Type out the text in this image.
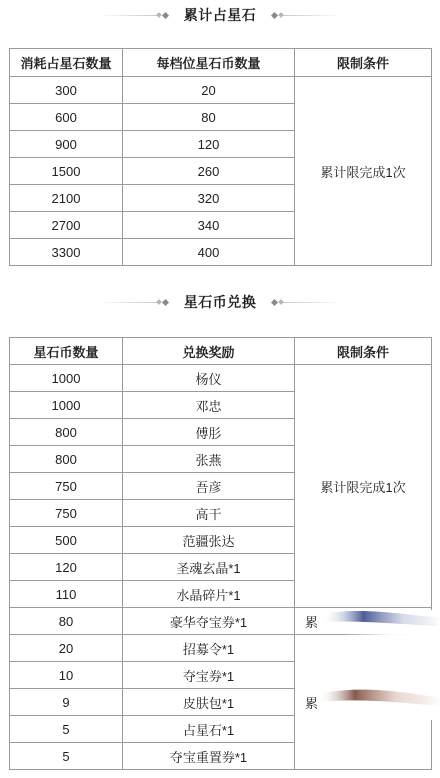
累计占星石
消耗占星石数量	每档位星石币数量	限制条件
300	20	累计限完成1次
600	80	
900	120	
1500	260	
2100	320	
2700	340	
3300	400	
星石币兑换
星石币数量	兑换奖励	限制条件
1000	杨仪	累计限完成1次
1000	邓忠	
800	傅肜	
800	张燕	
750	吾彦	
750	高干	
500	范疆张达	
120	圣魂玄晶*1	
110	水晶碎片*1	
80	豪华夺宝券*1	累
20	招募令*1	累
10	夺宝券*1	
9	皮肤包*1	
5	占星石*1	
5	夺宝重置券*1	
